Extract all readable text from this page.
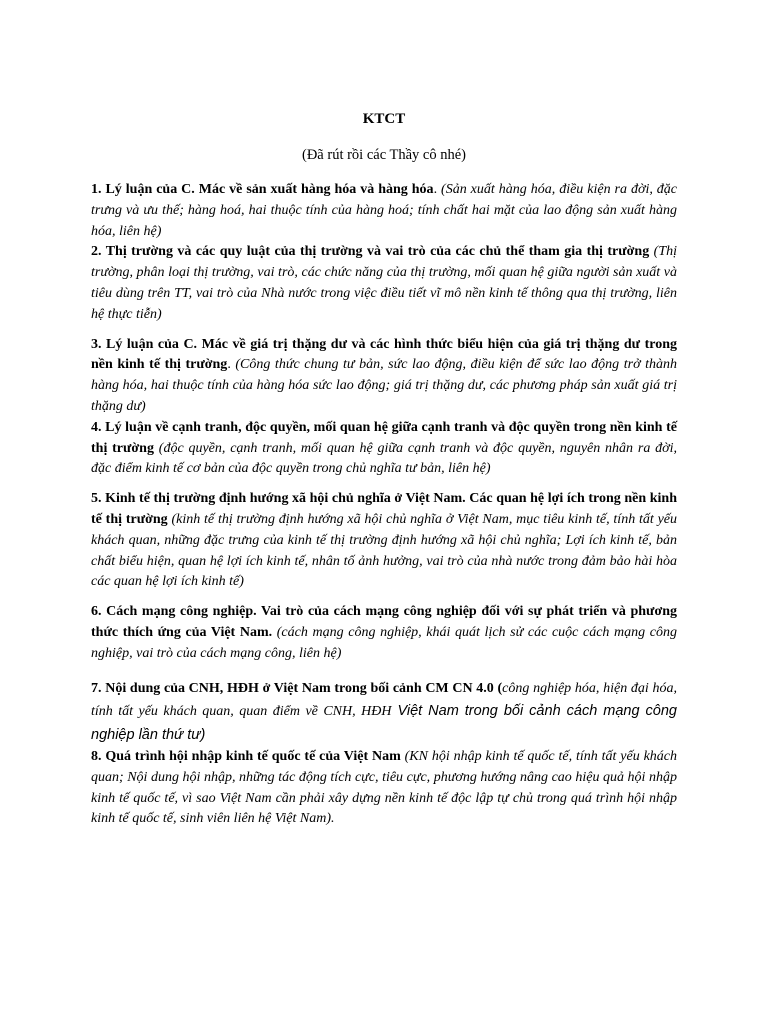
KTCT

(Đã rút rồi các Thầy cô nhé)

1. Lý luận của C. Mác về sản xuất hàng hóa và hàng hóa. (Sản xuất hàng hóa, điều kiện ra đời, đặc trưng và ưu thế; hàng hoá, hai thuộc tính của hàng hoá; tính chất hai mặt của lao động sản xuất hàng hóa, liên hệ)

2. Thị trường và các quy luật của thị trường và vai trò của các chủ thể tham gia thị trường (Thị trường, phân loại thị trường, vai trò, các chức năng của thị trường, mối quan hệ giữa người sản xuất và tiêu dùng trên TT, vai trò của Nhà nước trong việc điều tiết vĩ mô nền kinh tế thông qua thị trường, liên hệ thực tiễn)

3. Lý luận của C. Mác về giá trị thặng dư và các hình thức biểu hiện của giá trị thặng dư trong nền kinh tế thị trường. (Công thức chung tư bản, sức lao động, điều kiện để sức lao động trở thành hàng hóa, hai thuộc tính của hàng hóa sức lao động; giá trị thặng dư, các phương pháp sản xuất giá trị thặng dư)

4. Lý luận về cạnh tranh, độc quyền, mối quan hệ giữa cạnh tranh và độc quyền trong nền kinh tế thị trường (độc quyền, cạnh tranh, mối quan hệ giữa cạnh tranh và độc quyền, nguyên nhân ra đời, đặc điểm kinh tế cơ bản của độc quyền trong chủ nghĩa tư bản, liên hệ)

5. Kinh tế thị trường định hướng xã hội chủ nghĩa ở Việt Nam. Các quan hệ lợi ích trong nền kinh tế thị trường (kinh tế thị trường định hướng xã hội chủ nghĩa ở Việt Nam, mục tiêu kinh tế, tính tất yếu khách quan, những đặc trưng của kinh tế thị trường định hướng xã hội chủ nghĩa; Lợi ích kinh tế, bản chất biểu hiện, quan hệ lợi ích kinh tế, nhân tố ảnh hưởng, vai trò của nhà nước trong đảm bảo hài hòa các quan hệ lợi ích kinh tế)

6. Cách mạng công nghiệp. Vai trò của cách mạng công nghiệp đối với sự phát triển và phương thức thích ứng của Việt Nam. (cách mạng công nghiệp, khái quát lịch sử các cuộc cách mạng công nghiệp, vai trò của cách mạng công, liên hệ)

7. Nội dung của CNH, HĐH ở Việt Nam trong bối cảnh CM CN 4.0 (công nghiệp hóa, hiện đại hóa, tính tất yếu khách quan, quan điểm về CNH, HĐH Việt Nam trong bối cảnh cách mạng công nghiệp lần thứ tư)

8. Quá trình hội nhập kinh tế quốc tế của Việt Nam (KN hội nhập kinh tế quốc tế, tính tất yếu khách quan; Nội dung hội nhập, những tác động tích cực, tiêu cực, phương hướng nâng cao hiệu quả hội nhập kinh tế quốc tế, vì sao Việt Nam cần phải xây dựng nền kinh tế độc lập tự chủ trong quá trình hội nhập kinh tế quốc tế, sinh viên liên hệ Việt Nam).
